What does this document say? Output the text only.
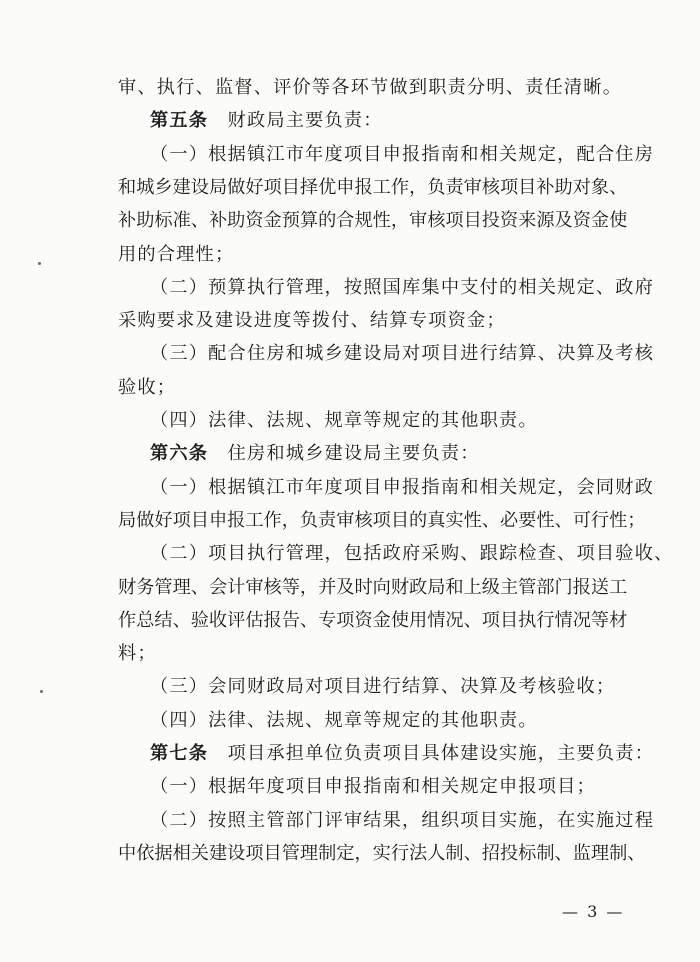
审、执行、监督、评价等各环节做到职责分明、责任清晰。
第五条  财政局主要负责：
（一）根据镇江市年度项目申报指南和相关规定，配合住房
和城乡建设局做好项目择优申报工作，负责审核项目补助对象、
补助标准、补助资金预算的合规性，审核项目投资来源及资金使
用的合理性；
（二）预算执行管理，按照国库集中支付的相关规定、政府
采购要求及建设进度等拨付、结算专项资金；
（三）配合住房和城乡建设局对项目进行结算、决算及考核
验收；
（四）法律、法规、规章等规定的其他职责。
第六条  住房和城乡建设局主要负责：
（一）根据镇江市年度项目申报指南和相关规定，会同财政
局做好项目申报工作，负责审核项目的真实性、必要性、可行性；
（二）项目执行管理，包括政府采购、跟踪检查、项目验收、
财务管理、会计审核等，并及时向财政局和上级主管部门报送工
作总结、验收评估报告、专项资金使用情况、项目执行情况等材
料；
（三）会同财政局对项目进行结算、决算及考核验收；
（四）法律、法规、规章等规定的其他职责。
第七条  项目承担单位负责项目具体建设实施，主要负责：
（一）根据年度项目申报指南和相关规定申报项目；
（二）按照主管部门评审结果，组织项目实施，在实施过程
中依据相关建设项目管理制定，实行法人制、招投标制、监理制、
— 3 —
